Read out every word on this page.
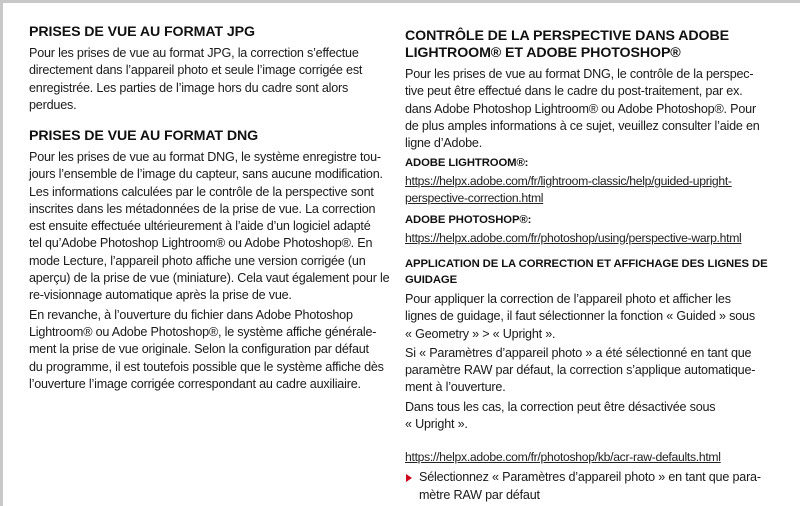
PRISES DE VUE AU FORMAT JPG

Pour les prises de vue au format JPG, la correction s’effectue
directement dans l’appareil photo et seule l’image corrigée est
enregistrée. Les parties de l’image hors du cadre sont alors
perdues.

PRISES DE VUE AU FORMAT DNG

Pour les prises de vue au format DNG, le système enregistre tou-
jours l’ensemble de l’image du capteur, sans aucune modification.
Les informations calculées par le contrôle de la perspective sont
inscrites dans les métadonnées de la prise de vue. La correction
est ensuite effectuée ultérieurement à l’aide d’un logiciel adapté
tel qu’Adobe Photoshop Lightroom® ou Adobe Photoshop®. En
mode Lecture, l’appareil photo affiche une version corrigée (un
aperçu) de la prise de vue (miniature). Cela vaut également pour le
re-visionnage automatique après la prise de vue.

En revanche, à l’ouverture du fichier dans Adobe Photoshop
Lightroom® ou Adobe Photoshop®, le système affiche générale-
ment la prise de vue originale. Selon la configuration par défaut
du programme, il est toutefois possible que le système affiche dès
l’ouverture l’image corrigée correspondant au cadre auxiliaire.

CONTRÔLE DE LA PERSPECTIVE DANS ADOBE
LIGHTROOM® ET ADOBE PHOTOSHOP®

Pour les prises de vue au format DNG, le contrôle de la perspec-
tive peut être effectué dans le cadre du post-traitement, par ex.
dans Adobe Photoshop Lightroom® ou Adobe Photoshop®. Pour
de plus amples informations à ce sujet, veuillez consulter l’aide en
ligne d’Adobe.

ADOBE LIGHTROOM®:
https://helpx.adobe.com/fr/lightroom-classic/help/guided-upright-
perspective-correction.html
ADOBE PHOTOSHOP®:
https://helpx.adobe.com/fr/photoshop/using/perspective-warp.html
APPLICATION DE LA CORRECTION ET AFFICHAGE DES LIGNES DE
GUIDAGE

Pour appliquer la correction de l’appareil photo et afficher les
lignes de guidage, il faut sélectionner la fonction « Guided » sous
« Geometry » > « Upright ».

Si « Paramètres d’appareil photo » a été sélectionné en tant que
paramètre RAW par défaut, la correction s’applique automatique-
ment à l’ouverture.

Dans tous les cas, la correction peut être désactivée sous
« Upright ».

https://helpx.adobe.com/fr/photoshop/kb/acr-raw-defaults.html
Sélectionnez « Paramètres d’appareil photo » en tant que para-
mètre RAW par défaut
